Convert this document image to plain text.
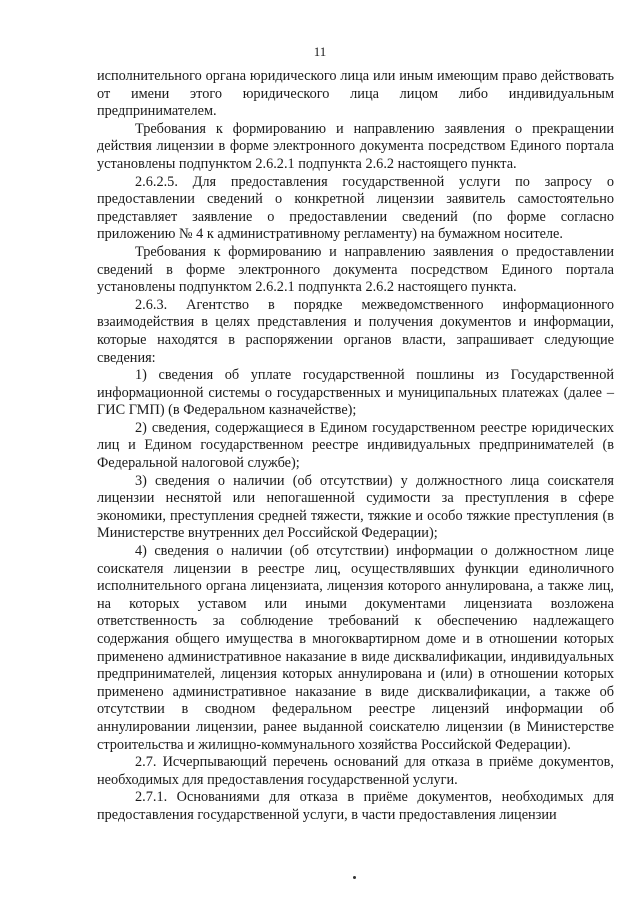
11

исполнительного органа юридического лица или иным имеющим право действовать от имени этого юридического лица лицом либо индивидуальным предпринимателем.

Требования к формированию и направлению заявления о прекращении действия лицензии в форме электронного документа посредством Единого портала установлены подпунктом 2.6.2.1 подпункта 2.6.2 настоящего пункта.

2.6.2.5. Для предоставления государственной услуги по запросу о предоставлении сведений о конкретной лицензии заявитель самостоятельно представляет заявление о предоставлении сведений (по форме согласно приложению № 4 к административному регламенту) на бумажном носителе.

Требования к формированию и направлению заявления о предоставлении сведений в форме электронного документа посредством Единого портала установлены подпунктом 2.6.2.1 подпункта 2.6.2 настоящего пункта.

2.6.3. Агентство в порядке межведомственного информационного взаимодействия в целях представления и получения документов и информации, которые находятся в распоряжении органов власти, запрашивает следующие сведения:

1) сведения об уплате государственной пошлины из Государственной информационной системы о государственных и муниципальных платежах (далее – ГИС ГМП) (в Федеральном казначействе);

2) сведения, содержащиеся в Едином государственном реестре юридических лиц и Едином государственном реестре индивидуальных предпринимателей (в Федеральной налоговой службе);

3) сведения о наличии (об отсутствии) у должностного лица соискателя лицензии неснятой или непогашенной судимости за преступления в сфере экономики, преступления средней тяжести, тяжкие и особо тяжкие преступления (в Министерстве внутренних дел Российской Федерации);

4) сведения о наличии (об отсутствии) информации о должностном лице соискателя лицензии в реестре лиц, осуществлявших функции единоличного исполнительного органа лицензиата, лицензия которого аннулирована, а также лиц, на которых уставом или иными документами лицензиата возложена ответственность за соблюдение требований к обеспечению надлежащего содержания общего имущества в многоквартирном доме и в отношении которых применено административное наказание в виде дисквалификации, индивидуальных предпринимателей, лицензия которых аннулирована и (или) в отношении которых применено административное наказание в виде дисквалификации, а также об отсутствии в сводном федеральном реестре лицензий информации об аннулировании лицензии, ранее выданной соискателю лицензии (в Министерстве строительства и жилищно-коммунального хозяйства Российской Федерации).

2.7. Исчерпывающий перечень оснований для отказа в приёме документов, необходимых для предоставления государственной услуги.

2.7.1. Основаниями для отказа в приёме документов, необходимых для предоставления государственной услуги, в части предоставления лицензии
